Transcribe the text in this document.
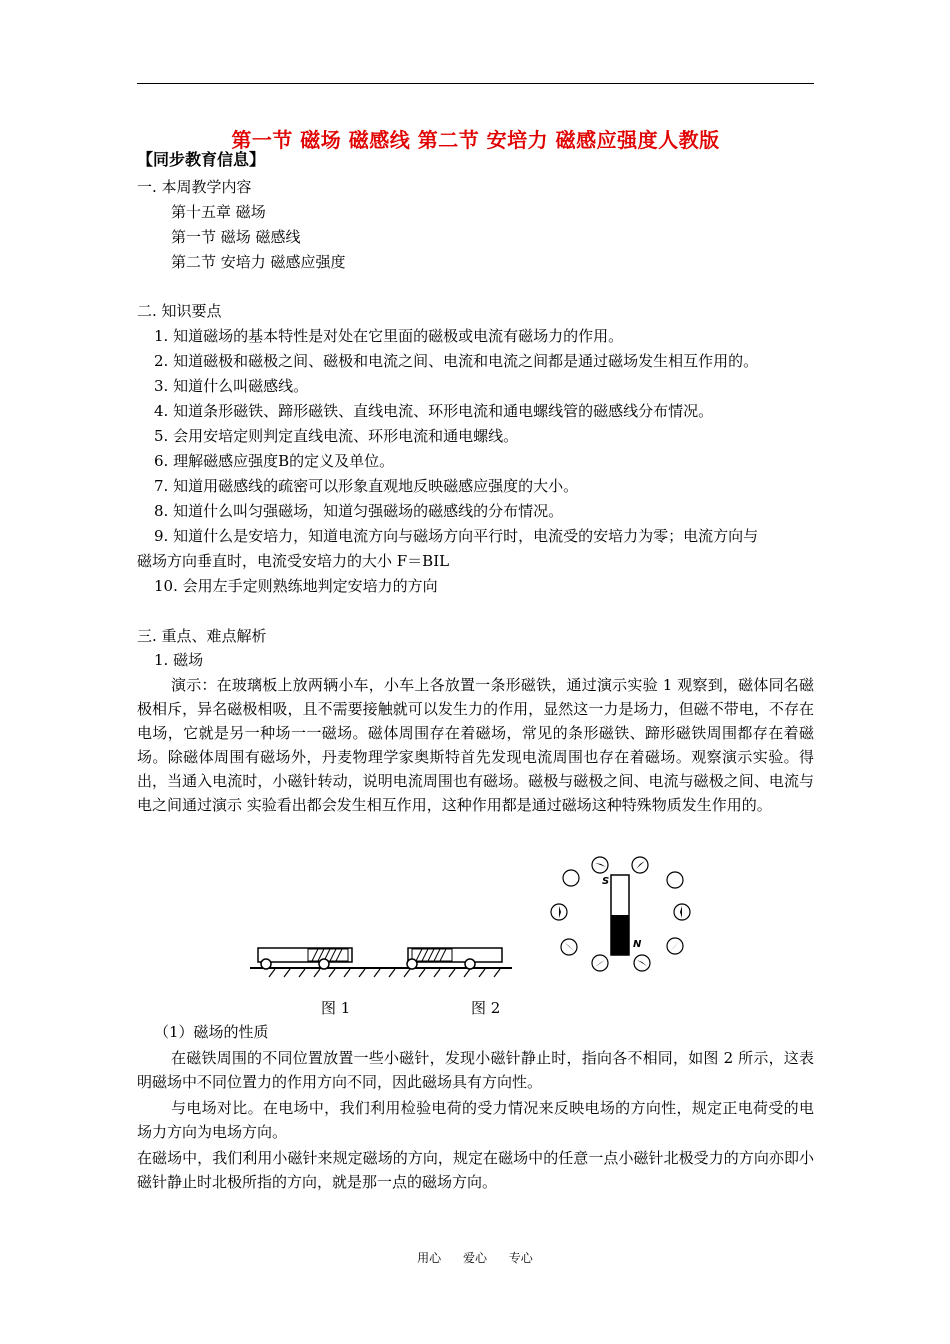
第一节 磁场 磁感线 第二节 安培力 磁感应强度人教版
【同步教育信息】
一. 本周教学内容
第十五章 磁场
第一节 磁场 磁感线
第二节 安培力 磁感应强度
二. 知识要点
1. 知道磁场的基本特性是对处在它里面的磁极或电流有磁场力的作用。
2. 知道磁极和磁极之间、磁极和电流之间、电流和电流之间都是通过磁场发生相互作用的。
3. 知道什么叫磁感线。
4. 知道条形磁铁、蹄形磁铁、直线电流、环形电流和通电螺线管的磁感线分布情况。
5. 会用安培定则判定直线电流、环形电流和通电螺线。
6. 理解磁感应强度B的定义及单位。
7. 知道用磁感线的疏密可以形象直观地反映磁感应强度的大小。
8. 知道什么叫匀强磁场，知道匀强磁场的磁感线的分布情况。
9. 知道什么是安培力，知道电流方向与磁场方向平行时，电流受的安培力为零；电流方向与
磁场方向垂直时，电流受安培力的大小 F＝BIL
10. 会用左手定则熟练地判定安培力的方向
三. 重点、难点解析
1. 磁场
演示：在玻璃板上放两辆小车，小车上各放置一条形磁铁，通过演示实验 1 观察到，磁体同名磁极相斥，异名磁极相吸，且不需要接触就可以发生力的作用，显然这一力是场力，但磁不带电，不存在电场，它就是另一种场一一磁场。磁体周围存在着磁场，常见的条形磁铁、蹄形磁铁周围都存在着磁场。除磁体周围有磁场外，丹麦物理学家奥斯特首先发现电流周围也存在着磁场。观察演示实验。得出，当通入电流时，小磁针转动，说明电流周围也有磁场。磁极与磁极之间、电流与磁极之间、电流与电之间通过演示 实验看出都会发生相互作用，这种作用都是通过磁场这种特殊物质发生作用的。
S
N
图 1	图 2
（1）磁场的性质
在磁铁周围的不同位置放置一些小磁针，发现小磁针静止时，指向各不相同，如图 2 所示，这表明磁场中不同位置力的作用方向不同，因此磁场具有方向性。
与电场对比。在电场中，我们利用检验电荷的受力情况来反映电场的方向性，规定正电荷受的电场力方向为电场方向。
在磁场中，我们利用小磁针来规定磁场的方向，规定在磁场中的任意一点小磁针北极受力的方向亦即小磁针静止时北极所指的方向，就是那一点的磁场方向。
用心 爱心 专心
